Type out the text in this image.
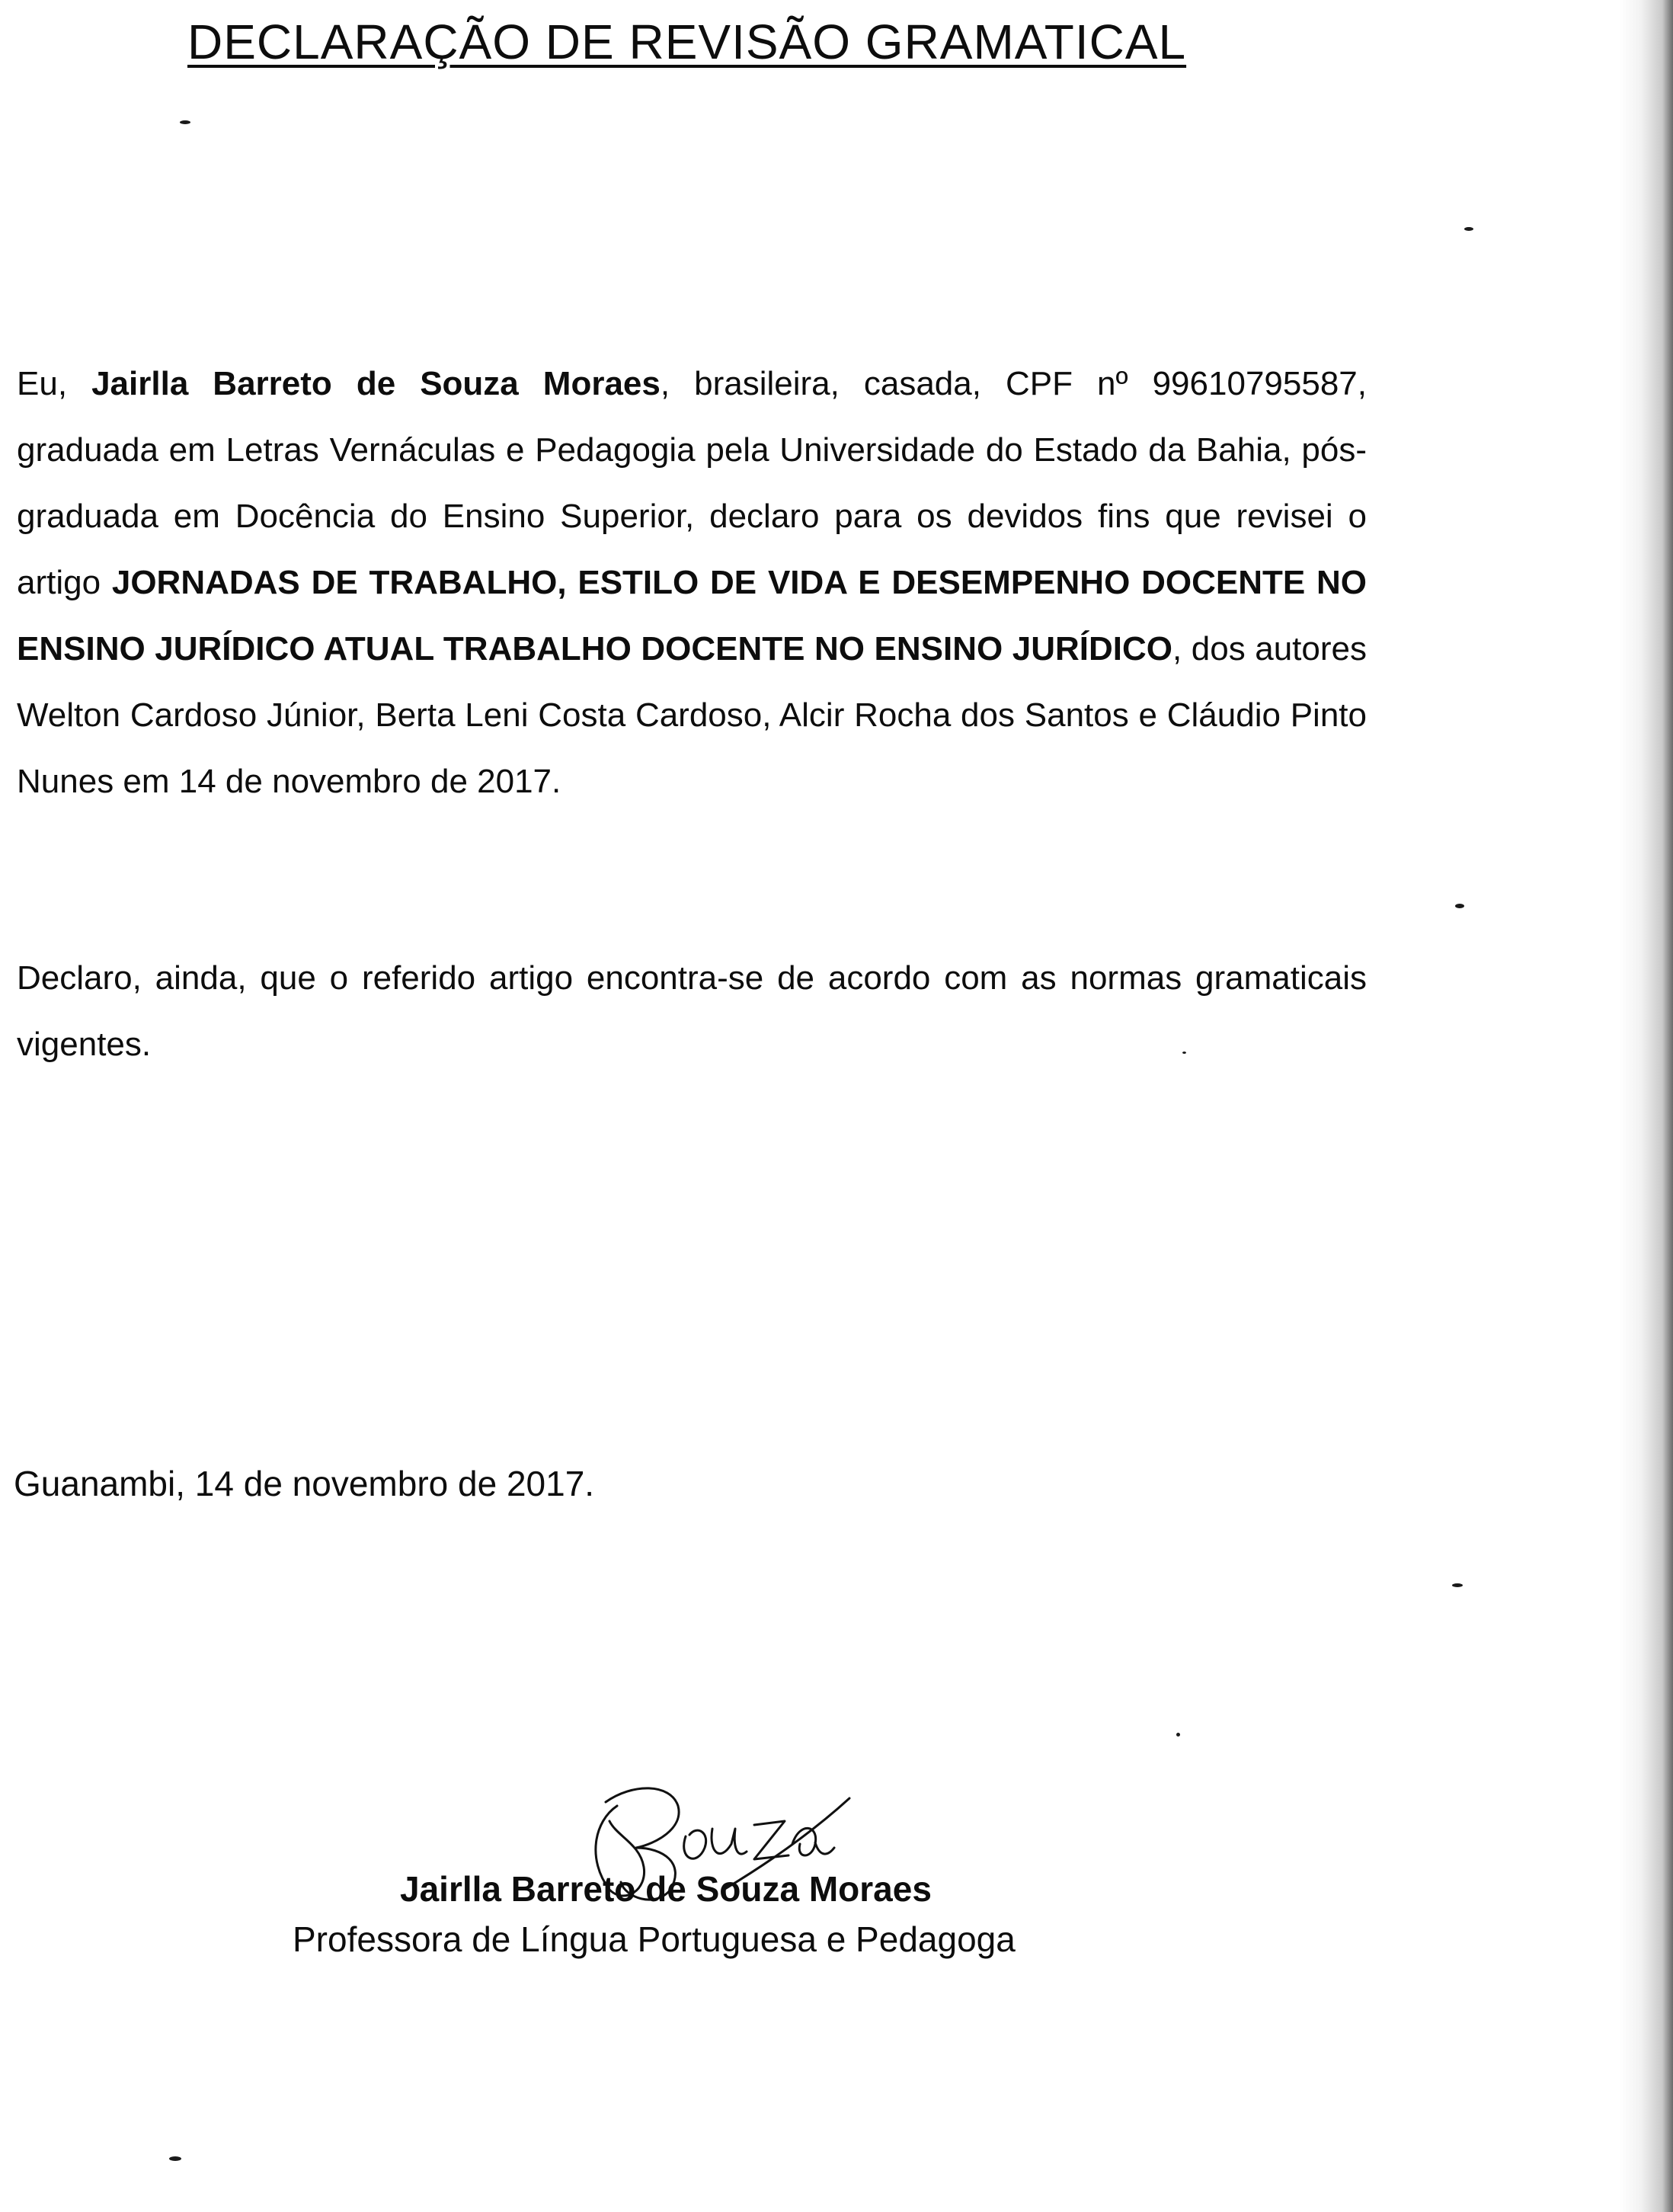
DECLARAÇÃO DE REVISÃO GRAMATICAL

Eu, Jairlla Barreto de Souza Moraes, brasileira, casada, CPF nº 99610795587, graduada em Letras Vernáculas e Pedagogia pela Universidade do Estado da Bahia, pós-graduada em Docência do Ensino Superior, declaro para os devidos fins que revisei o artigo JORNADAS DE TRABALHO, ESTILO DE VIDA E DESEMPENHO DOCENTE NO ENSINO JURÍDICO ATUAL TRABALHO DOCENTE NO ENSINO JURÍDICO, dos autores Welton Cardoso Júnior, Berta Leni Costa Cardoso, Alcir Rocha dos Santos e Cláudio Pinto Nunes em 14 de novembro de 2017.

Declaro, ainda, que o referido artigo encontra-se de acordo com as normas gramaticais vigentes.

Guanambi, 14 de novembro de 2017.
Jairlla Barreto de Souza Moraes
Professora de Língua Portuguesa e Pedagoga
